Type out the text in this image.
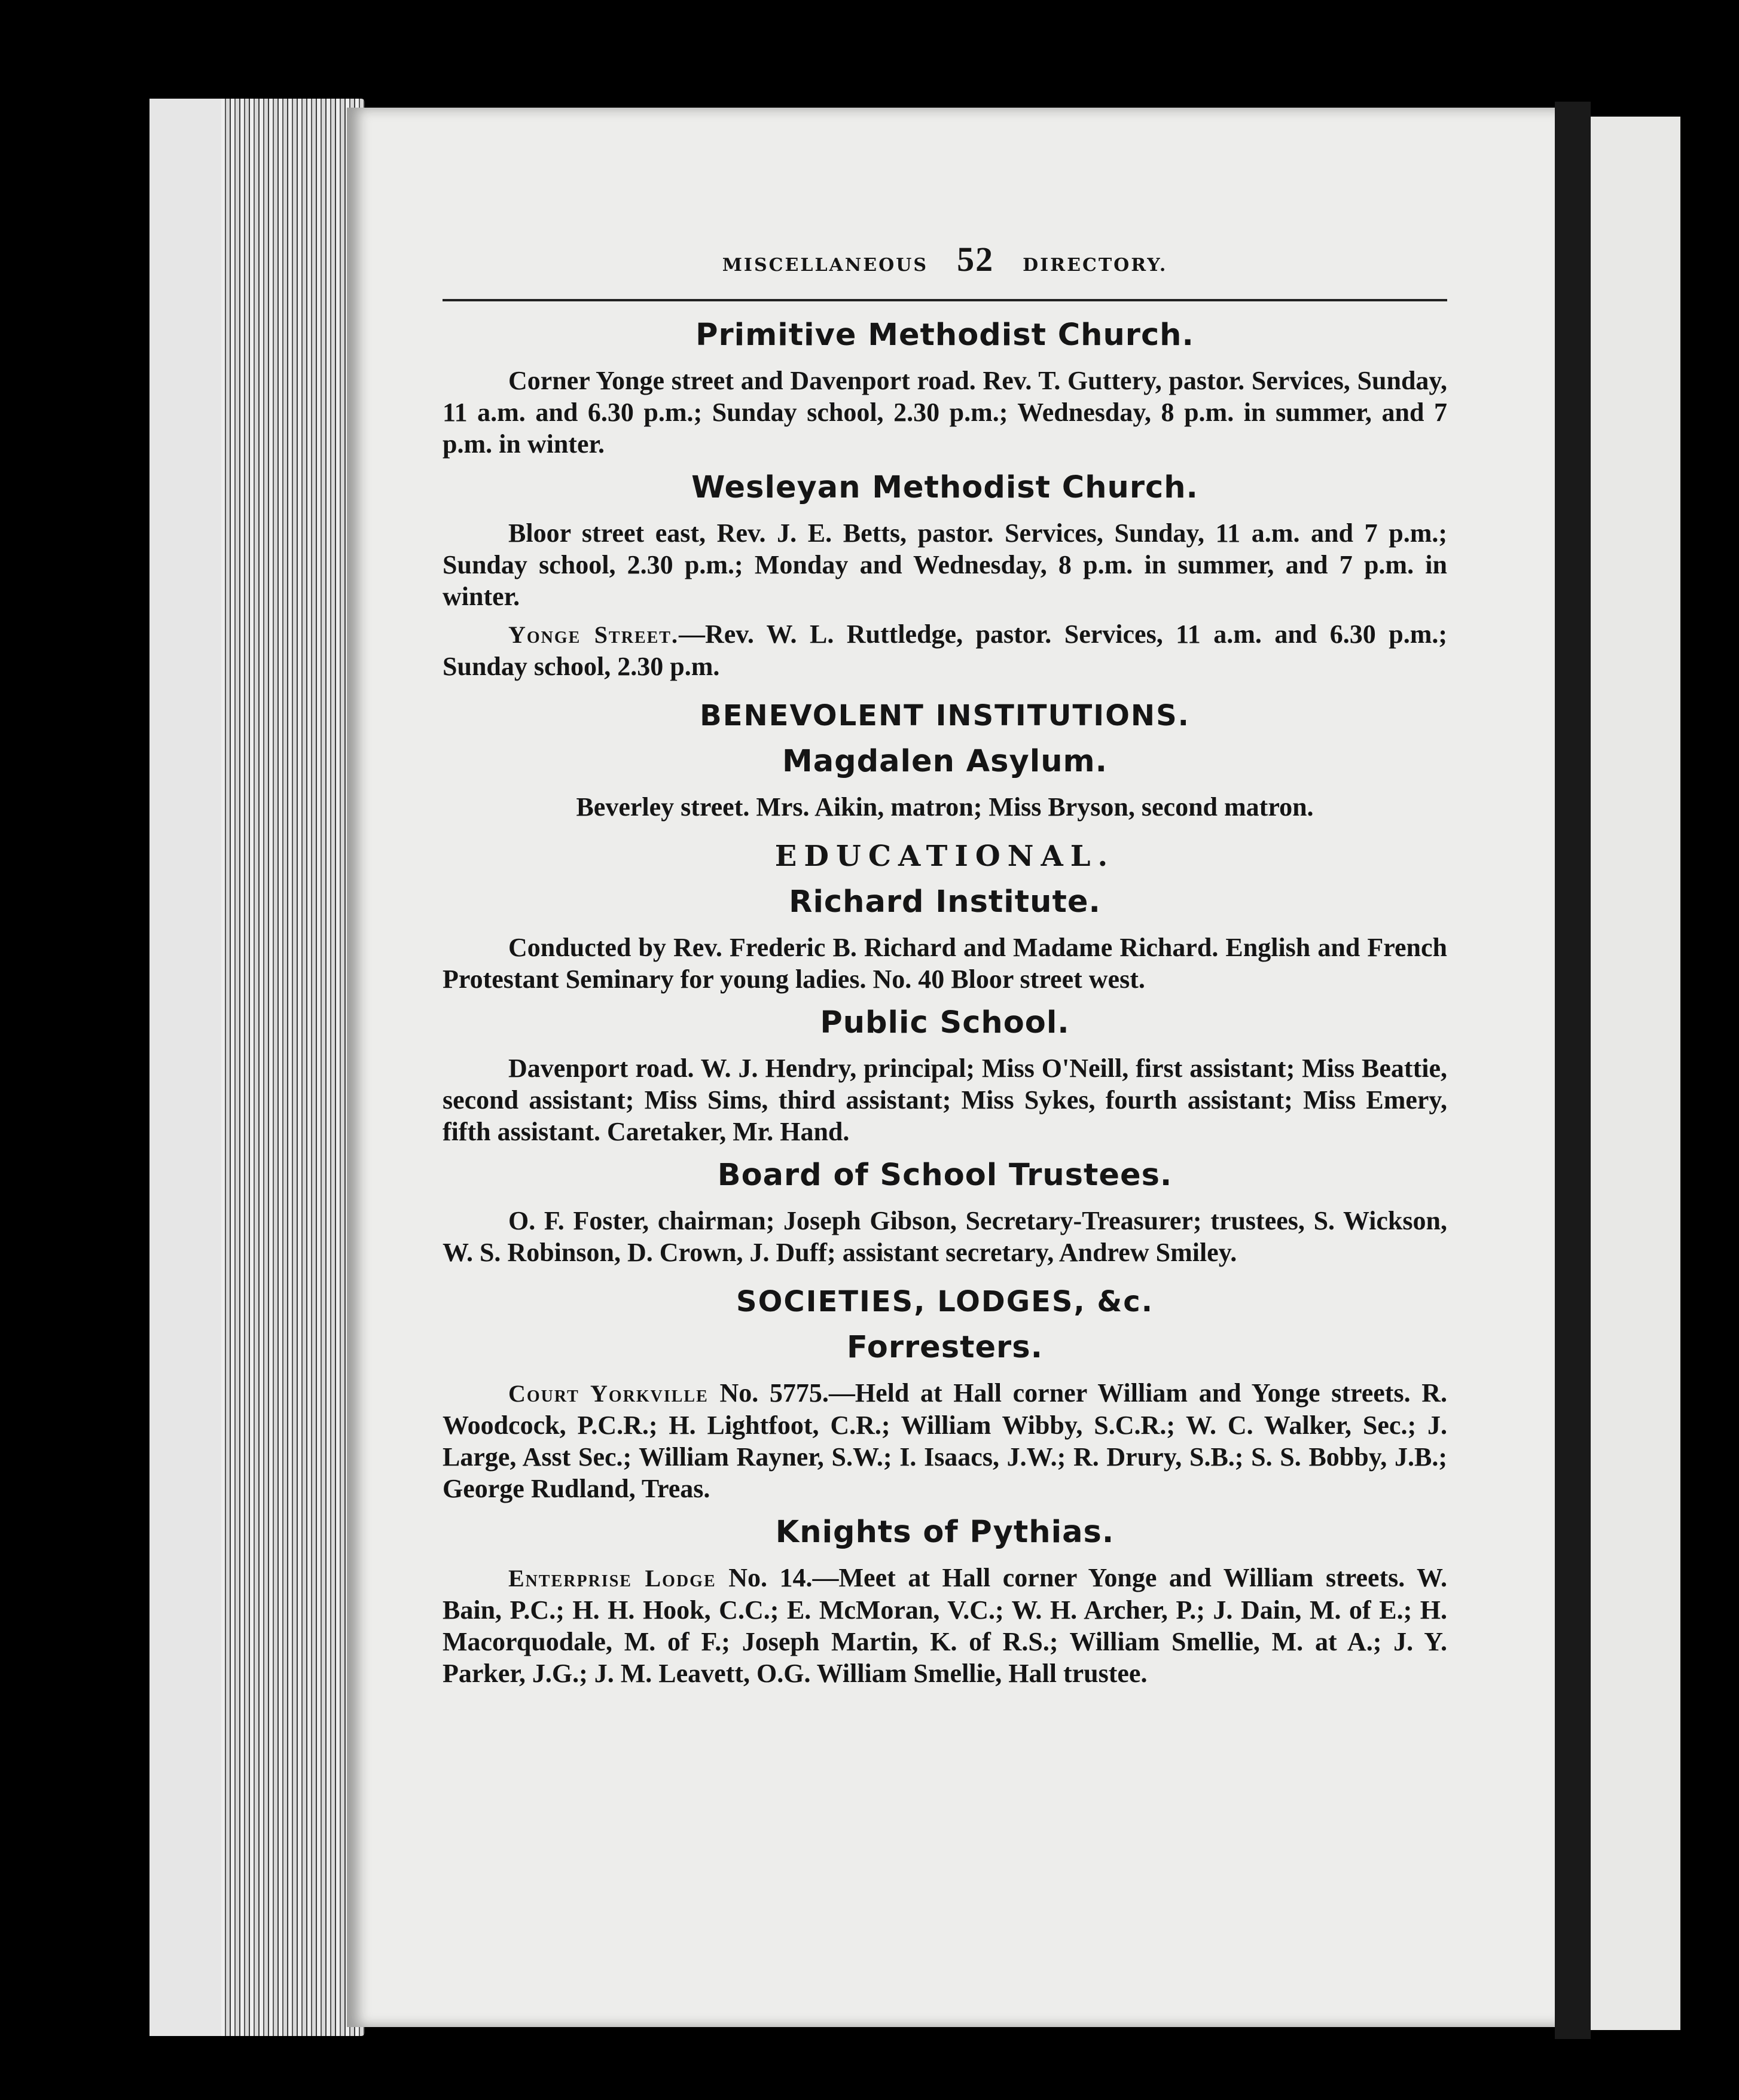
MISCELLANEOUS 52 DIRECTORY.
Primitive Methodist Church.

Corner Yonge street and Davenport road. Rev. T. Guttery, pastor. Services, Sunday, 11 a.m. and 6.30 p.m.; Sunday school, 2.30 p.m.; Wednesday, 8 p.m. in summer, and 7 p.m. in winter.

Wesleyan Methodist Church.

Bloor street east, Rev. J. E. Betts, pastor. Services, Sunday, 11 a.m. and 7 p.m.; Sunday school, 2.30 p.m.; Monday and Wednesday, 8 p.m. in summer, and 7 p.m. in winter.

Yonge Street.—Rev. W. L. Ruttledge, pastor. Services, 11 a.m. and 6.30 p.m.; Sunday school, 2.30 p.m.

BENEVOLENT INSTITUTIONS.
Magdalen Asylum.

Beverley street. Mrs. Aikin, matron; Miss Bryson, second matron.

EDUCATIONAL.
Richard Institute.

Conducted by Rev. Frederic B. Richard and Madame Richard. English and French Protestant Seminary for young ladies. No. 40 Bloor street west.

Public School.

Davenport road. W. J. Hendry, principal; Miss O'Neill, first assistant; Miss Beattie, second assistant; Miss Sims, third assistant; Miss Sykes, fourth assistant; Miss Emery, fifth assistant. Caretaker, Mr. Hand.

Board of School Trustees.

O. F. Foster, chairman; Joseph Gibson, Secretary-Treasurer; trustees, S. Wickson, W. S. Robinson, D. Crown, J. Duff; assistant secretary, Andrew Smiley.

SOCIETIES, LODGES, &c.
Forresters.

Court Yorkville No. 5775.—Held at Hall corner William and Yonge streets. R. Woodcock, P.C.R.; H. Lightfoot, C.R.; William Wibby, S.C.R.; W. C. Walker, Sec.; J. Large, Asst Sec.; William Rayner, S.W.; I. Isaacs, J.W.; R. Drury, S.B.; S. S. Bobby, J.B.; George Rudland, Treas.

Knights of Pythias.

Enterprise Lodge No. 14.—Meet at Hall corner Yonge and William streets. W. Bain, P.C.; H. H. Hook, C.C.; E. McMoran, V.C.; W. H. Archer, P.; J. Dain, M. of E.; H. Macorquodale, M. of F.; Joseph Martin, K. of R.S.; William Smellie, M. at A.; J. Y. Parker, J.G.; J. M. Leavett, O.G. William Smellie, Hall trustee.
